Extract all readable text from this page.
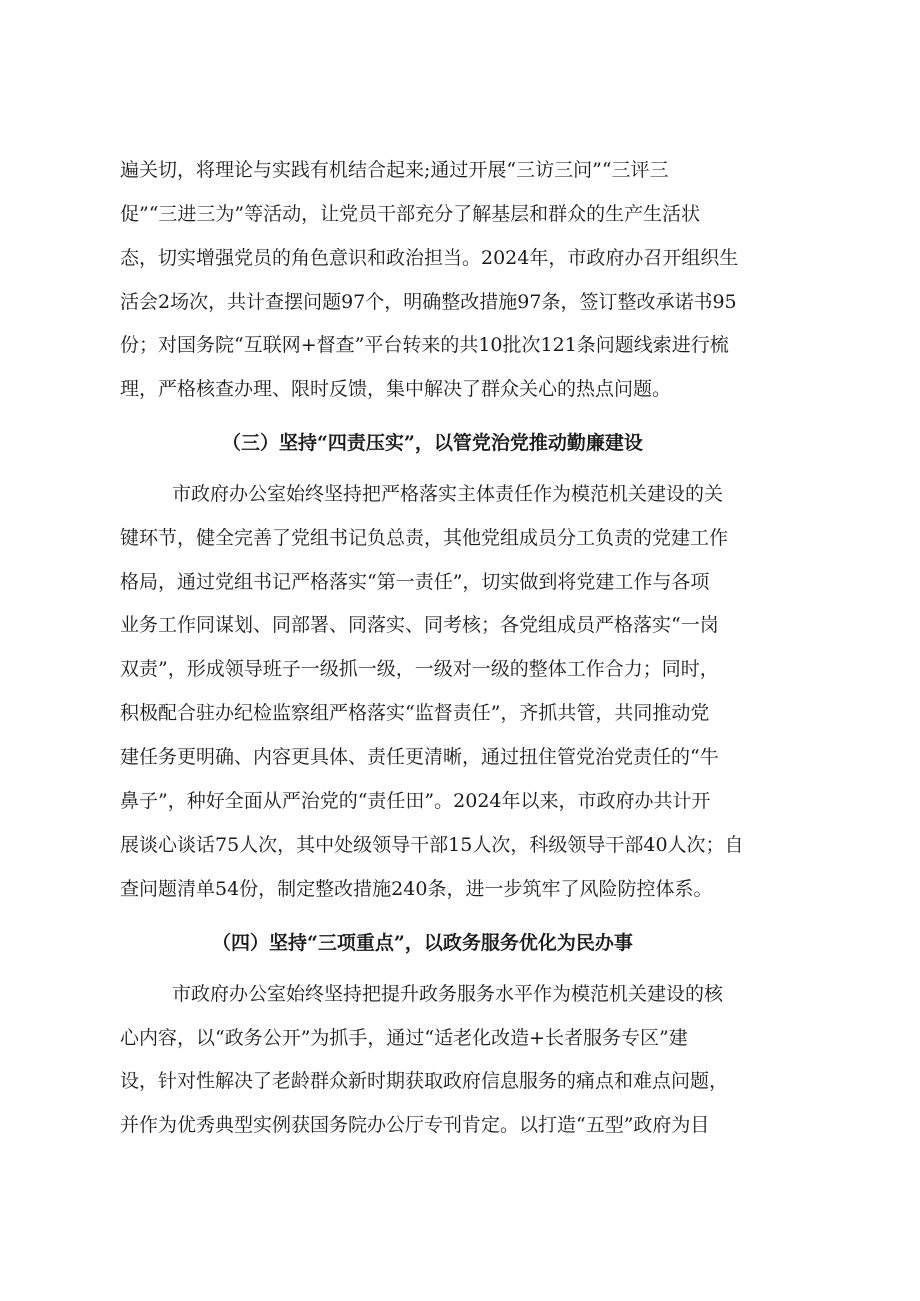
遍关切，将理论与实践有机结合起来;通过开展“三访三问”“三评三
促”“三进三为”等活动，让党员干部充分了解基层和群众的生产生活状
态，切实增强党员的角色意识和政治担当。2024年，市政府办召开组织生
活会2场次，共计查摆问题97个，明确整改措施97条，签订整改承诺书95
份；对国务院“互联网+督查”平台转来的共10批次121条问题线索进行梳
理，严格核查办理、限时反馈，集中解决了群众关心的热点问题。
（三）坚持“四责压实”，以管党治党推动勤廉建设
市政府办公室始终坚持把严格落实主体责任作为模范机关建设的关
键环节，健全完善了党组书记负总责，其他党组成员分工负责的党建工作
格局，通过党组书记严格落实“第一责任”，切实做到将党建工作与各项
业务工作同谋划、同部署、同落实、同考核；各党组成员严格落实“一岗
双责”，形成领导班子一级抓一级，一级对一级的整体工作合力；同时，
积极配合驻办纪检监察组严格落实“监督责任”，齐抓共管，共同推动党
建任务更明确、内容更具体、责任更清晰，通过扭住管党治党责任的“牛
鼻子”，种好全面从严治党的“责任田”。2024年以来，市政府办共计开
展谈心谈话75人次，其中处级领导干部15人次，科级领导干部40人次；自
查问题清单54份，制定整改措施240条，进一步筑牢了风险防控体系。
（四）坚持“三项重点”，以政务服务优化为民办事
市政府办公室始终坚持把提升政务服务水平作为模范机关建设的核
心内容，以“政务公开”为抓手，通过“适老化改造+长者服务专区”建
设，针对性解决了老龄群众新时期获取政府信息服务的痛点和难点问题，
并作为优秀典型实例获国务院办公厅专刊肯定。以打造“五型”政府为目
